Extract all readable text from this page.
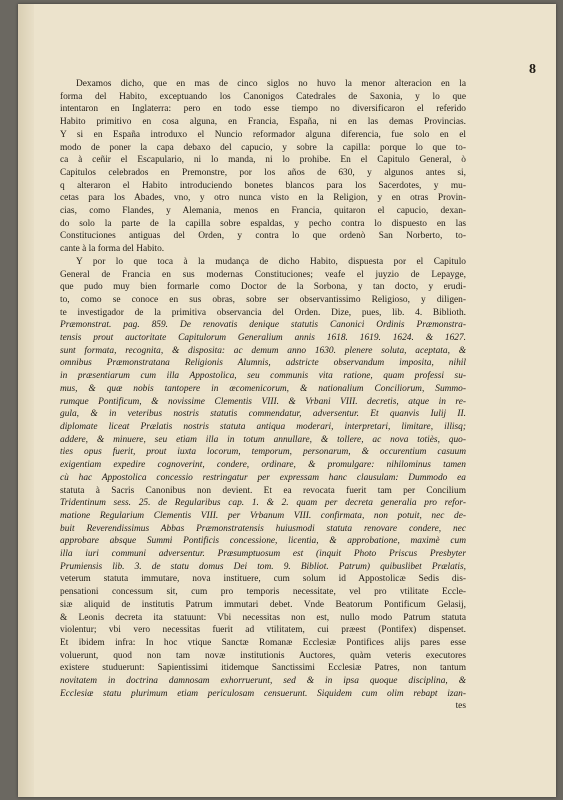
8
Dexamos dicho, que en mas de cinco siglos no huvo la menor alteracion en la
forma del Habito, exceptuando los Canonigos Catedrales de Saxonia, y lo que
intentaron en Inglaterra: pero en todo esse tiempo no diversificaron el referido
Habito primitivo en cosa alguna, en Francia, España, ni en las demas Provincias.
Y si en España introduxo el Nuncio reformador alguna diferencia, fue solo en el
modo de poner la capa debaxo del capucio, y sobre la capilla: porque lo que to-
ca à ceñir el Escapulario, ni lo manda, ni lo prohibe. En el Capitulo General, ò
Capitulos celebrados en Premonstre, por los años de 630, y algunos antes si,
q alteraron el Habito introduciendo bonetes blancos para los Sacerdotes, y mu-
cetas para los Abades, vno, y otro nunca visto en la Religion, y en otras Provin-
cias, como Flandes, y Alemania, menos en Francia, quitaron el capucio, dexan-
do solo la parte de la capilla sobre espaldas, y pecho contra lo dispuesto en las
Constituciones antiguas del Orden, y contra lo que ordenò San Norberto, to-
cante à la forma del Habito.
Y por lo que toca à la mudança de dicho Habito, dispuesta por el Capitulo
General de Francia en sus modernas Constituciones; veafe el juyzio de Lepayge,
que pudo muy bien formarle como Doctor de la Sorbona, y tan docto, y erudi-
to, como se conoce en sus obras, sobre ser observantissimo Religioso, y diligen-
te investigador de la primitiva observancia del Orden. Dize, pues, lib. 4. Biblioth.
Præmonstrat. pag. 859. De renovatis denique statutis Canonici Ordinis Præmonstra-
tensis prout auctoritate Capitulorum Generalium annis 1618. 1619. 1624. & 1627.
sunt formata, recognita, & disposita: ac demum anno 1630. plenere soluta, aceptata, &
omnibus Præmonstratana Religionis Alumnis, adstricte observandum imposita, nihil
in præsentiarum cum illa Appostolica, seu communis vita ratione, quam professi su-
mus, & quæ nobis tantopere in œcomenicorum, & nationalium Conciliorum, Summo-
rumque Pontificum, & novissime Clementis VIII. & Vrbani VIII. decretis, atque in re-
gula, & in veteribus nostris statutis commendatur, adversentur. Et quanvis Iulij II.
diplomate liceat Prælatis nostris statuta antiqua moderari, interpretari, limitare, illisq;
addere, & minuere, seu etiam illa in totum annullare, & tollere, ac nova totiès, quo-
ties opus fuerit, prout iuxta locorum, temporum, personarum, & occurentium casuum
exigentiam expedire cognoverint, condere, ordinare, & promulgare: nihilominus tamen
cù hac Appostolica concessio restringatur per expressam hanc clausulam: Dummodo ea
statuta à Sacris Canonibus non devient. Et ea revocata fuerit tam per Concilium
Tridentinum sess. 25. de Regularibus cap. 1. & 2. quam per decreta generalia pro refor-
matione Regularium Clementis VIII. per Vrbanum VIII. confirmata, non potuit, nec de-
buit Reverendissimus Abbas Præmonstratensis huiusmodi statuta renovare condere, nec
approbare absque Summi Pontificis concessione, licentia, & approbatione, maximè cum
illa iuri communi adversentur. Præsumptuosum est (inquit Photo Priscus Presbyter
Prumiensis lib. 3. de statu domus Dei tom. 9. Bibliot. Patrum) quibuslibet Prælatis,
veterum statuta immutare, nova instituere, cum solum id Appostolicæ Sedis dis-
pensationi concessum sit, cum pro temporis necessitate, vel pro vtilitate Eccle-
siæ aliquid de institutis Patrum immutari debet. Vnde Beatorum Pontificum Gelasij,
& Leonis decreta ita statuunt: Vbi necessitas non est, nullo modo Patrum statuta
violentur; vbi vero necessitas fuerit ad vtilitatem, cui præest (Pontifex) dispenset.
Et ibidem infra: In hoc vtique Sanctæ Romanæ Ecclesiæ Pontifices alijs pares esse
voluerunt, quod non tam novæ institutionis Auctores, quàm veteris executores
existere studuerunt: Sapientissimi itidemque Sanctissimi Ecclesiæ Patres, non tantum
novitatem in doctrina damnosam exhorruerunt, sed & in ipsa quoque disciplina, &
Ecclesiæ statu plurimum etiam periculosam censuerunt. Siquidem cum olim rebapt izan-
tes
